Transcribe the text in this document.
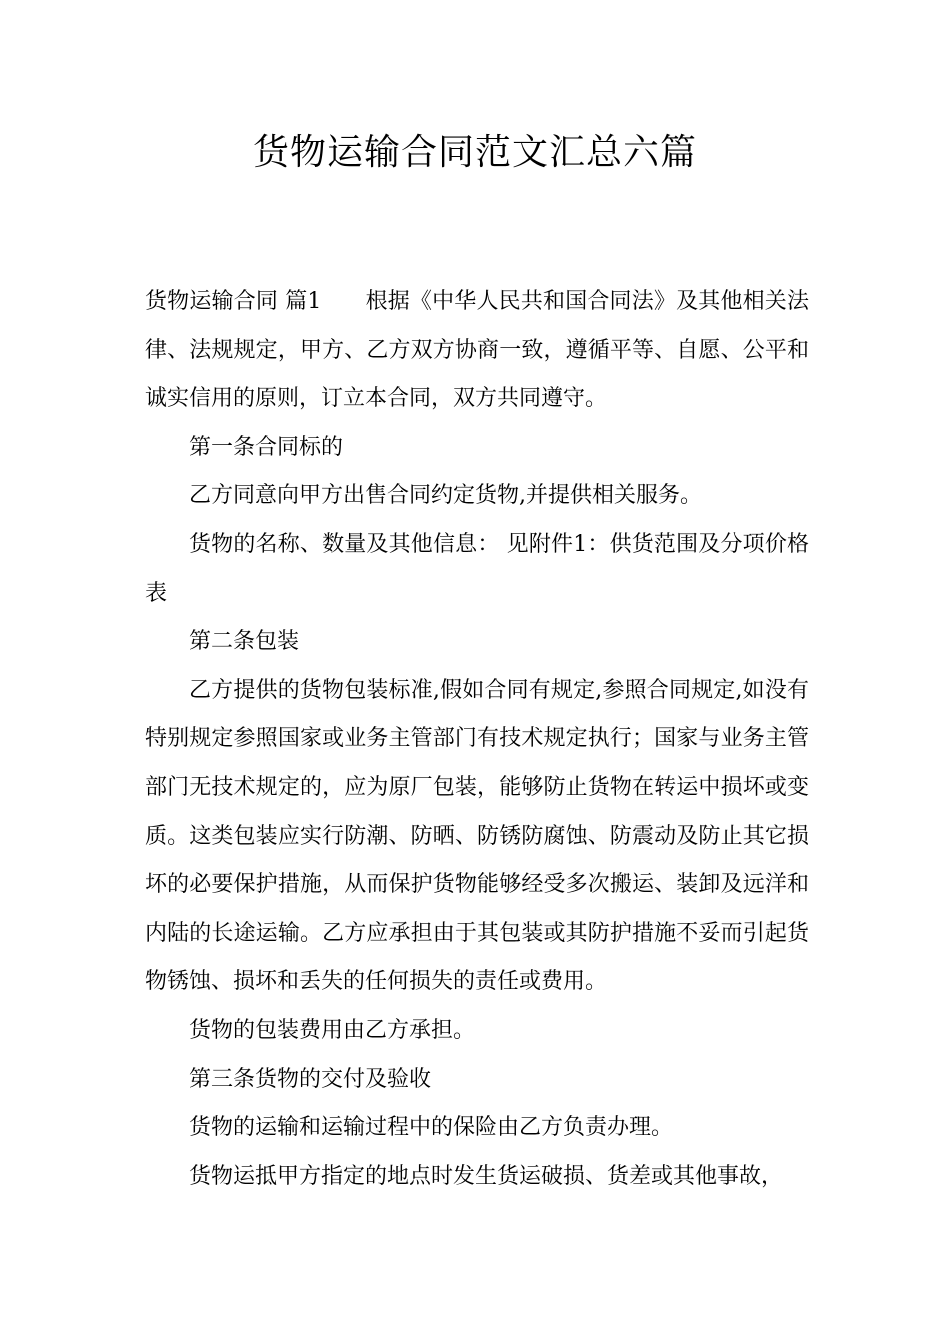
货物运输合同范文汇总六篇

货物运输合同 篇1 根据《中华人民共和国合同法》及其他相关法律、法规规定，甲方、乙方双方协商一致，遵循平等、自愿、公平和诚实信用的原则，订立本合同，双方共同遵守。

第一条合同标的

乙方同意向甲方出售合同约定货物,并提供相关服务。

货物的名称、数量及其他信息： 见附件1：供货范围及分项价格表

第二条包装

乙方提供的货物包装标准,假如合同有规定,参照合同规定,如没有特别规定参照国家或业务主管部门有技术规定执行；国家与业务主管部门无技术规定的，应为原厂包装，能够防止货物在转运中损坏或变质。这类包装应实行防潮、防晒、防锈防腐蚀、防震动及防止其它损坏的必要保护措施，从而保护货物能够经受多次搬运、装卸及远洋和内陆的长途运输。乙方应承担由于其包装或其防护措施不妥而引起货物锈蚀、损坏和丢失的任何损失的责任或费用。

货物的包装费用由乙方承担。

第三条货物的交付及验收

货物的运输和运输过程中的保险由乙方负责办理。

货物运抵甲方指定的地点时发生货运破损、货差或其他事故，
